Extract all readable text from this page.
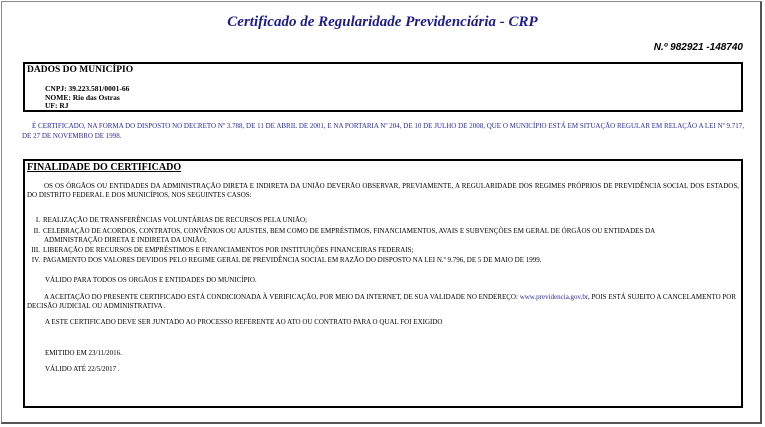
Certificado de Regularidade Previdenciária - CRP
N.º 982921 -148740
DADOS DO MUNICÍPIO
CNPJ: 39.223.581/0001-66
NOME: Rio das Ostras
UF: RJ
É CERTIFICADO, NA FORMA DO DISPOSTO NO DECRETO Nº 3.788, DE 11 DE ABRIL DE 2001, E NA PORTARIA Nº 204, DE 10 DE JULHO DE 2008, QUE O MUNICÍPIO ESTÁ EM SITUAÇÃO REGULAR EM RELAÇÃO A LEI Nº 9.717, DE 27 DE NOVEMBRO DE 1998.
FINALIDADE DO CERTIFICADO
OS OS ÓRGÃOS OU ENTIDADES DA ADMINISTRAÇÃO DIRETA E INDIRETA DA UNIÃO DEVERÃO OBSERVAR, PREVIAMENTE, A REGULARIDADE DOS REGIMES PRÓPRIOS DE PREVIDÊNCIA SOCIAL DOS ESTADOS, DO DISTRITO FEDERAL E DOS MUNICÍPIOS, NOS SEGUINTES CASOS:
I. REALIZAÇÃO DE TRANSFERÊNCIAS VOLUNTÁRIAS DE RECURSOS PELA UNIÃO;
II. CELEBRAÇÃO DE ACORDOS, CONTRATOS, CONVÊNIOS OU AJUSTES, BEM COMO DE EMPRÉSTIMOS, FINANCIAMENTOS, AVAIS E SUBVENÇÕES EM GERAL DE ÓRGÃOS OU ENTIDADES DA
ADMINISTRAÇÃO DIRETA E INDIRETA DA UNIÃO;
III. LIBERAÇÃO DE RECURSOS DE EMPRÉSTIMOS E FINANCIAMENTOS POR INSTITUIÇÕES FINANCEIRAS FEDERAIS;
IV. PAGAMENTO DOS VALORES DEVIDOS PELO REGIME GERAL DE PREVIDÊNCIA SOCIAL EM RAZÃO DO DISPOSTO NA LEI N.º 9.796, DE 5 DE MAIO DE 1999.
VÁLIDO PARA TODOS OS ORGÃOS E ENTIDADES DO MUNICÍPIO.
A ACEITAÇÃO DO PRESENTE CERTIFICADO ESTÁ CONDICIONADA À VERIFICAÇÃO, POR MEIO DA INTERNET, DE SUA VALIDADE NO ENDEREÇO: www.previdencia.gov.br, POIS ESTÁ SUJEITO A CANCELAMENTO POR DECISÃO JUDICIAL OU ADMINISTRATIVA .
A ESTE CERTIFICADO DEVE SER JUNTADO AO PROCESSO REFERENTE AO ATO OU CONTRATO PARA O QUAL FOI EXIGIDO
EMITIDO EM 23/11/2016.
VÁLIDO ATÉ 22/5/2017 .
